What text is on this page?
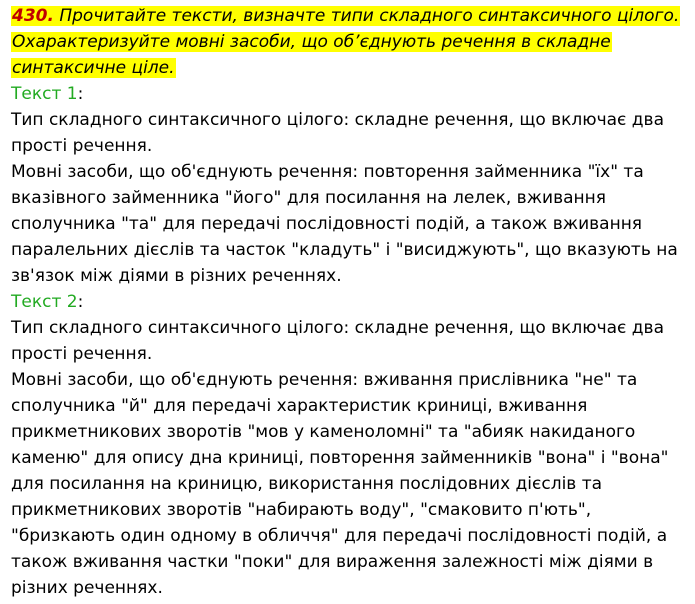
430. Прочитайте тексти, визначте типи складного синтаксичного цілого. Охарактеризуйте мовні засоби, що об’єднують речення в складне синтаксичне ціле.

Текст 1:

Тип складного синтаксичного цілого: складне речення, що включає два прості речення.

Мовні засоби, що об'єднують речення: повторення займенника "їх" та вказівного займенника "його" для посилання на лелек, вживання сполучника "та" для передачі послідовності подій, а також вживання паралельних дієслів та часток "кладуть" і "висиджують", що вказують на зв'язок між діями в різних реченнях.

Текст 2:

Тип складного синтаксичного цілого: складне речення, що включає два прості речення.

Мовні засоби, що об'єднують речення: вживання прислівника "не" та сполучника "й" для передачі характеристик криниці, вживання прикметникових зворотів "мов у каменоломні" та "абияк накиданого каменю" для опису дна криниці, повторення займенників "вона" і "вона" для посилання на криницю, використання послідовних дієслів та прикметникових зворотів "набирають воду", "смаковито п'ють", "бризкають один одному в обличчя" для передачі послідовності подій, а також вживання частки "поки" для вираження залежності між діями в різних реченнях.
